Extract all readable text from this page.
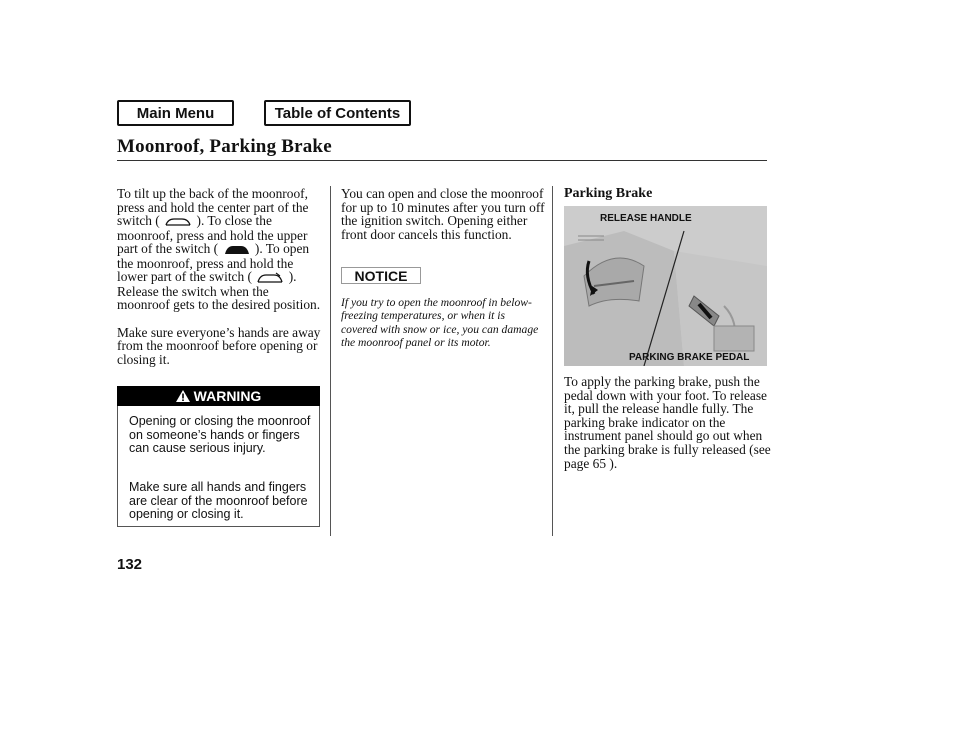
Main Menu	Table of Contents
Moonroof, Parking Brake

To tilt up the back of the moonroof, press and hold the center part of the switch (	). To close the moonroof, press and hold the upper part of the switch (	). To open the moonroof, press and hold the lower part of the switch (	). Release the switch when the moonroof gets to the desired position.

Make sure everyone’s hands are away from the moonroof before opening or closing it.

WARNING
Opening or closing the moonroof on someone’s hands or fingers can cause serious injury.
Make sure all hands and fingers are clear of the moonroof before opening or closing it.
You can open and close the moonroof for up to 10 minutes after you turn off the ignition switch. Opening either front door cancels this function.
NOTICE
If you try to open the moonroof in below-freezing temperatures, or when it is covered with snow or ice, you can damage the moonroof panel or its motor.
Parking Brake
RELEASE HANDLE
PARKING BRAKE PEDAL
To apply the parking brake, push the pedal down with your foot. To release it, pull the release handle fully. The parking brake indicator on the instrument panel should go out when the parking brake is fully released (see page 65 ).
132
